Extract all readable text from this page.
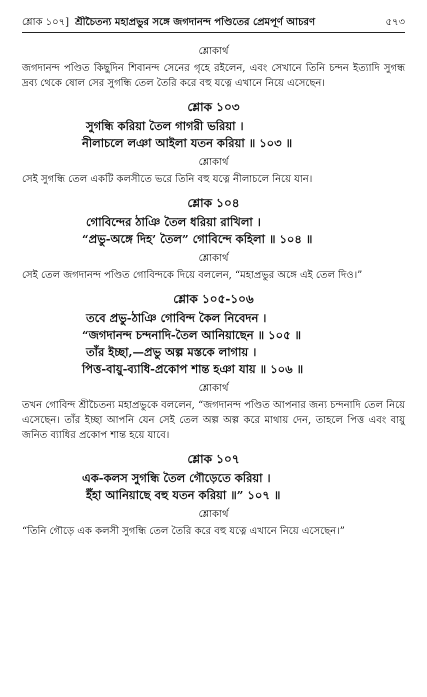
শ্লোক ১০৭] শ্রীচৈতন্য মহাপ্রভুর সঙ্গে জগদানন্দ পণ্ডিতের প্রেমপূর্ণ আচরণ	৫৭৩
শ্লোকার্থ
জগদানন্দ পণ্ডিত কিছুদিন শিবানন্দ সেনের গৃহে রইলেন, এবং সেখানে তিনি চন্দন ইত্যাদি সুগন্ধ দ্রব্য থেকে ষোল সের সুগন্ধি তেল তৈরি করে বহু যত্নে এখানে নিয়ে এসেছেন।
শ্লোক ১০৩
সুগন্ধি করিয়া তৈল গাগরী ভরিয়া ।
নীলাচলে লঞা আইলা যতন করিয়া ॥ ১০৩ ॥
শ্লোকার্থ
সেই সুগন্ধি তেল একটি কলসীতে ভরে তিনি বহু যত্নে নীলাচলে নিয়ে যান।
শ্লোক ১০৪
গোবিন্দের ঠাঞি তৈল ধরিয়া রাখিলা ।
“প্রভু-অঙ্গে দিহ’ তৈল” গোবিন্দে কহিলা ॥ ১০৪ ॥
শ্লোকার্থ
সেই তেল জগদানন্দ পণ্ডিত গোবিন্দকে দিয়ে বললেন, “মহাপ্রভুর অঙ্গে এই তেল দিও।”
শ্লোক ১০৫-১০৬
তবে প্রভু-ঠাঞি গোবিন্দ কৈল নিবেদন ।
“জগদানন্দ চন্দনাদি-তৈল আনিয়াছেন ॥ ১০৫ ॥
তাঁর ইচ্ছা,—প্রভু অল্প মস্তকে লাগায় ।
পিত্ত-বায়ু-ব্যাধি-প্রকোপ শান্ত হঞা যায় ॥ ১০৬ ॥
শ্লোকার্থ
তখন গোবিন্দ শ্রীচৈতন্য মহাপ্রভুকে বললেন, “জগদানন্দ পণ্ডিত আপনার জন্য চন্দনাদি তেল নিয়ে এসেছেন। তাঁর ইচ্ছা আপনি যেন সেই তেল অল্প অল্প করে মাথায় দেন, তাহলে পিত্ত এবং বায়ু জনিত ব্যাধির প্রকোপ শান্ত হয়ে যাবে।
শ্লোক ১০৭
এক-কলস সুগন্ধি তৈল গৌড়েতে করিয়া ।
ইঁহা আনিয়াছে বহু যতন করিয়া ॥” ১০৭ ॥
শ্লোকার্থ
“তিনি গৌড়ে এক কলসী সুগন্ধি তেল তৈরি করে বহু যত্নে এখানে নিয়ে এসেছেন।”
